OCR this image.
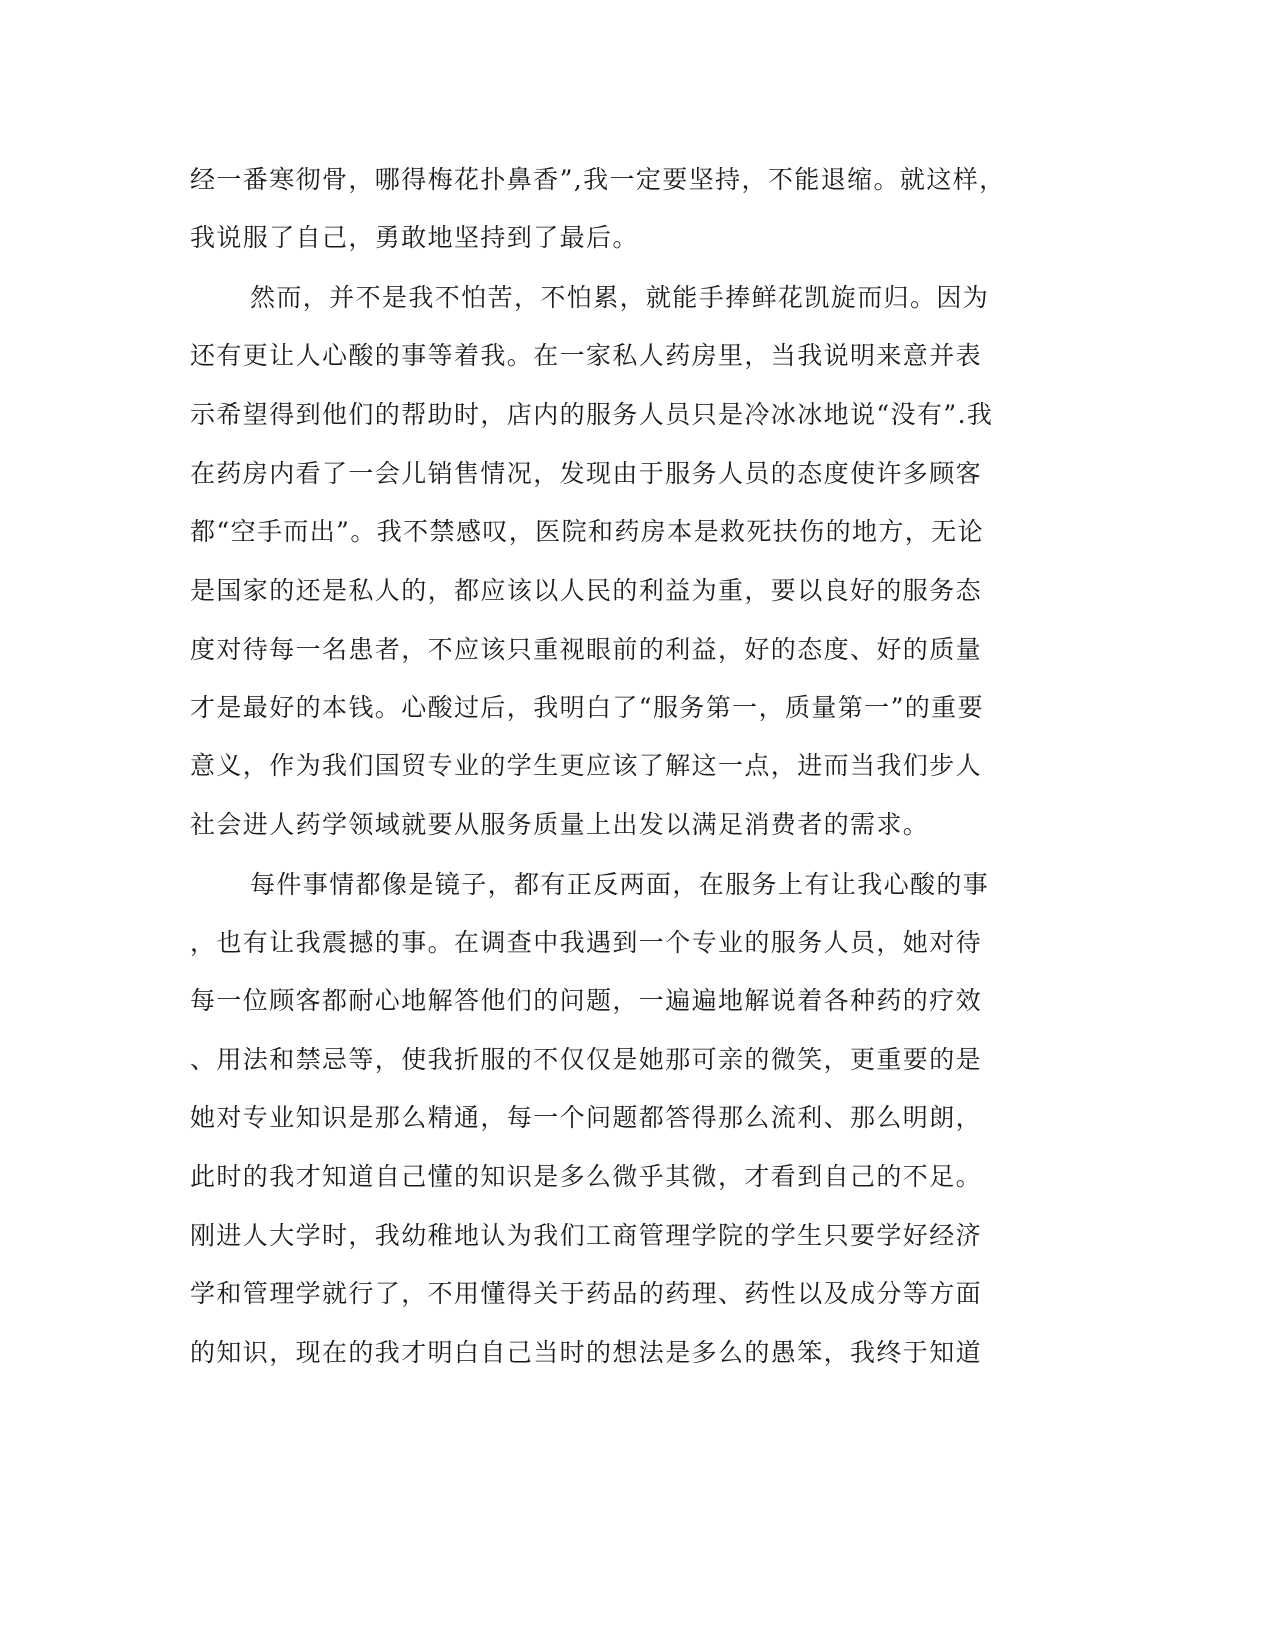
经一番寒彻骨，哪得梅花扑鼻香”,我一定要坚持，不能退缩。就这样，
我说服了自己，勇敢地坚持到了最后。
然而，并不是我不怕苦，不怕累，就能手捧鲜花凯旋而归。因为
还有更让人心酸的事等着我。在一家私人药房里，当我说明来意并表
示希望得到他们的帮助时，店内的服务人员只是冷冰冰地说“没有”.我
在药房内看了一会儿销售情况，发现由于服务人员的态度使许多顾客
都“空手而出”。我不禁感叹，医院和药房本是救死扶伤的地方，无论
是国家的还是私人的，都应该以人民的利益为重，要以良好的服务态
度对待每一名患者，不应该只重视眼前的利益，好的态度、好的质量
才是最好的本钱。心酸过后，我明白了“服务第一，质量第一”的重要
意义，作为我们国贸专业的学生更应该了解这一点，进而当我们步人
社会进人药学领域就要从服务质量上出发以满足消费者的需求。
每件事情都像是镜子，都有正反两面，在服务上有让我心酸的事
，也有让我震撼的事。在调查中我遇到一个专业的服务人员，她对待
每一位顾客都耐心地解答他们的问题，一遍遍地解说着各种药的疗效
、用法和禁忌等，使我折服的不仅仅是她那可亲的微笑，更重要的是
她对专业知识是那么精通，每一个问题都答得那么流利、那么明朗，
此时的我才知道自己懂的知识是多么微乎其微，才看到自己的不足。
刚进人大学时，我幼稚地认为我们工商管理学院的学生只要学好经济
学和管理学就行了，不用懂得关于药品的药理、药性以及成分等方面
的知识，现在的我才明白自己当时的想法是多么的愚笨，我终于知道
